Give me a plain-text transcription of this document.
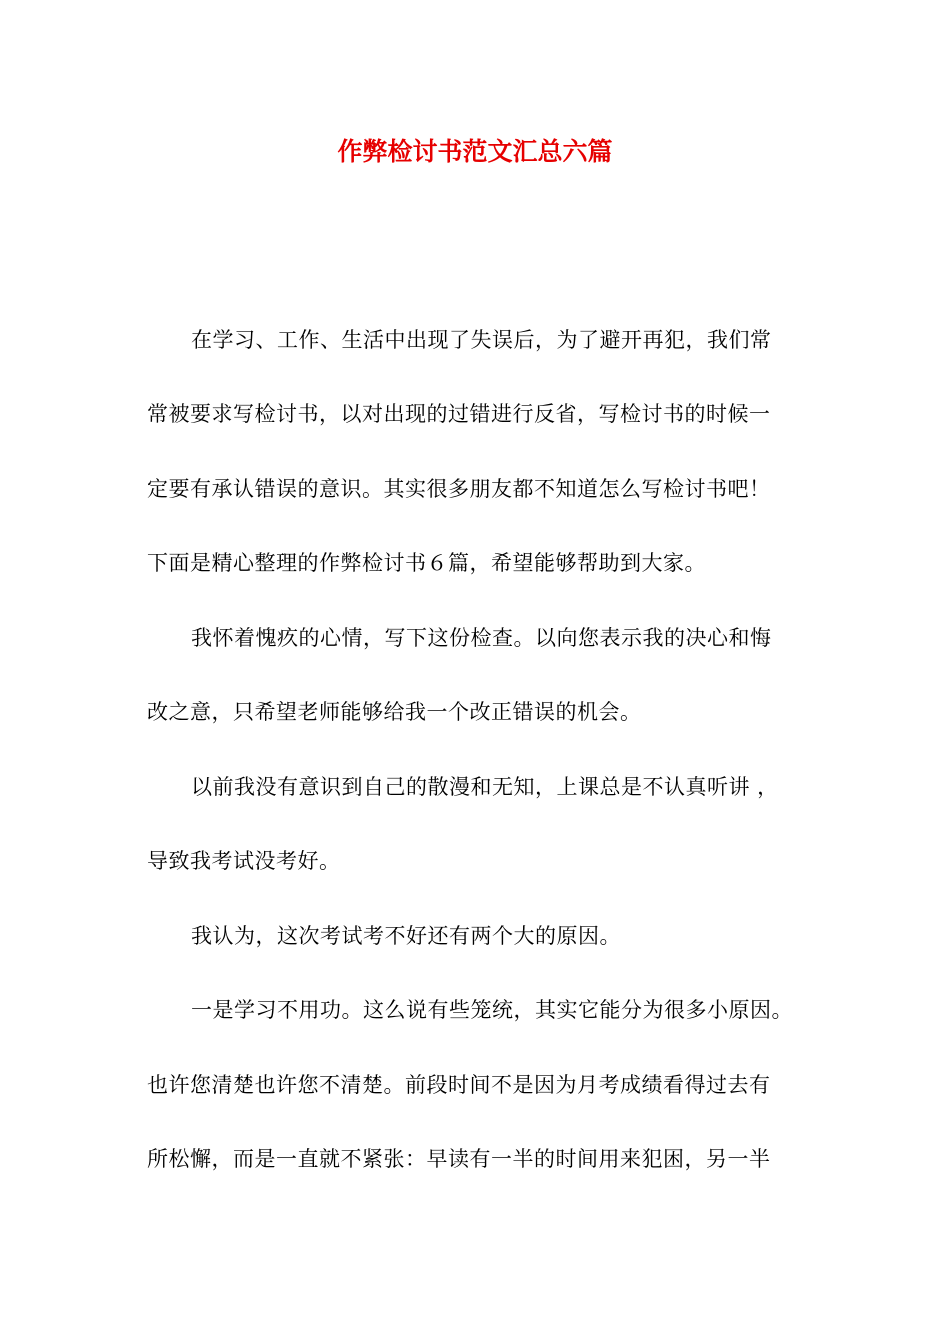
作弊检讨书范文汇总六篇
在学习、工作、生活中出现了失误后，为了避开再犯，我们常
常被要求写检讨书，以对出现的过错进行反省，写检讨书的时候一
定要有承认错误的意识。其实很多朋友都不知道怎么写检讨书吧！
下面是精心整理的作弊检讨书６篇，希望能够帮助到大家。
我怀着愧疚的心情，写下这份检查。以向您表示我的决心和悔
改之意，只希望老师能够给我一个改正错误的机会。
以前我没有意识到自己的散漫和无知，上课总是不认真听讲 ，
导致我考试没考好。
我认为，这次考试考不好还有两个大的原因。
一是学习不用功。这么说有些笼统，其实它能分为很多小原因。
也许您清楚也许您不清楚。前段时间不是因为月考成绩看得过去有
所松懈，而是一直就不紧张：早读有一半的时间用来犯困，另一半
